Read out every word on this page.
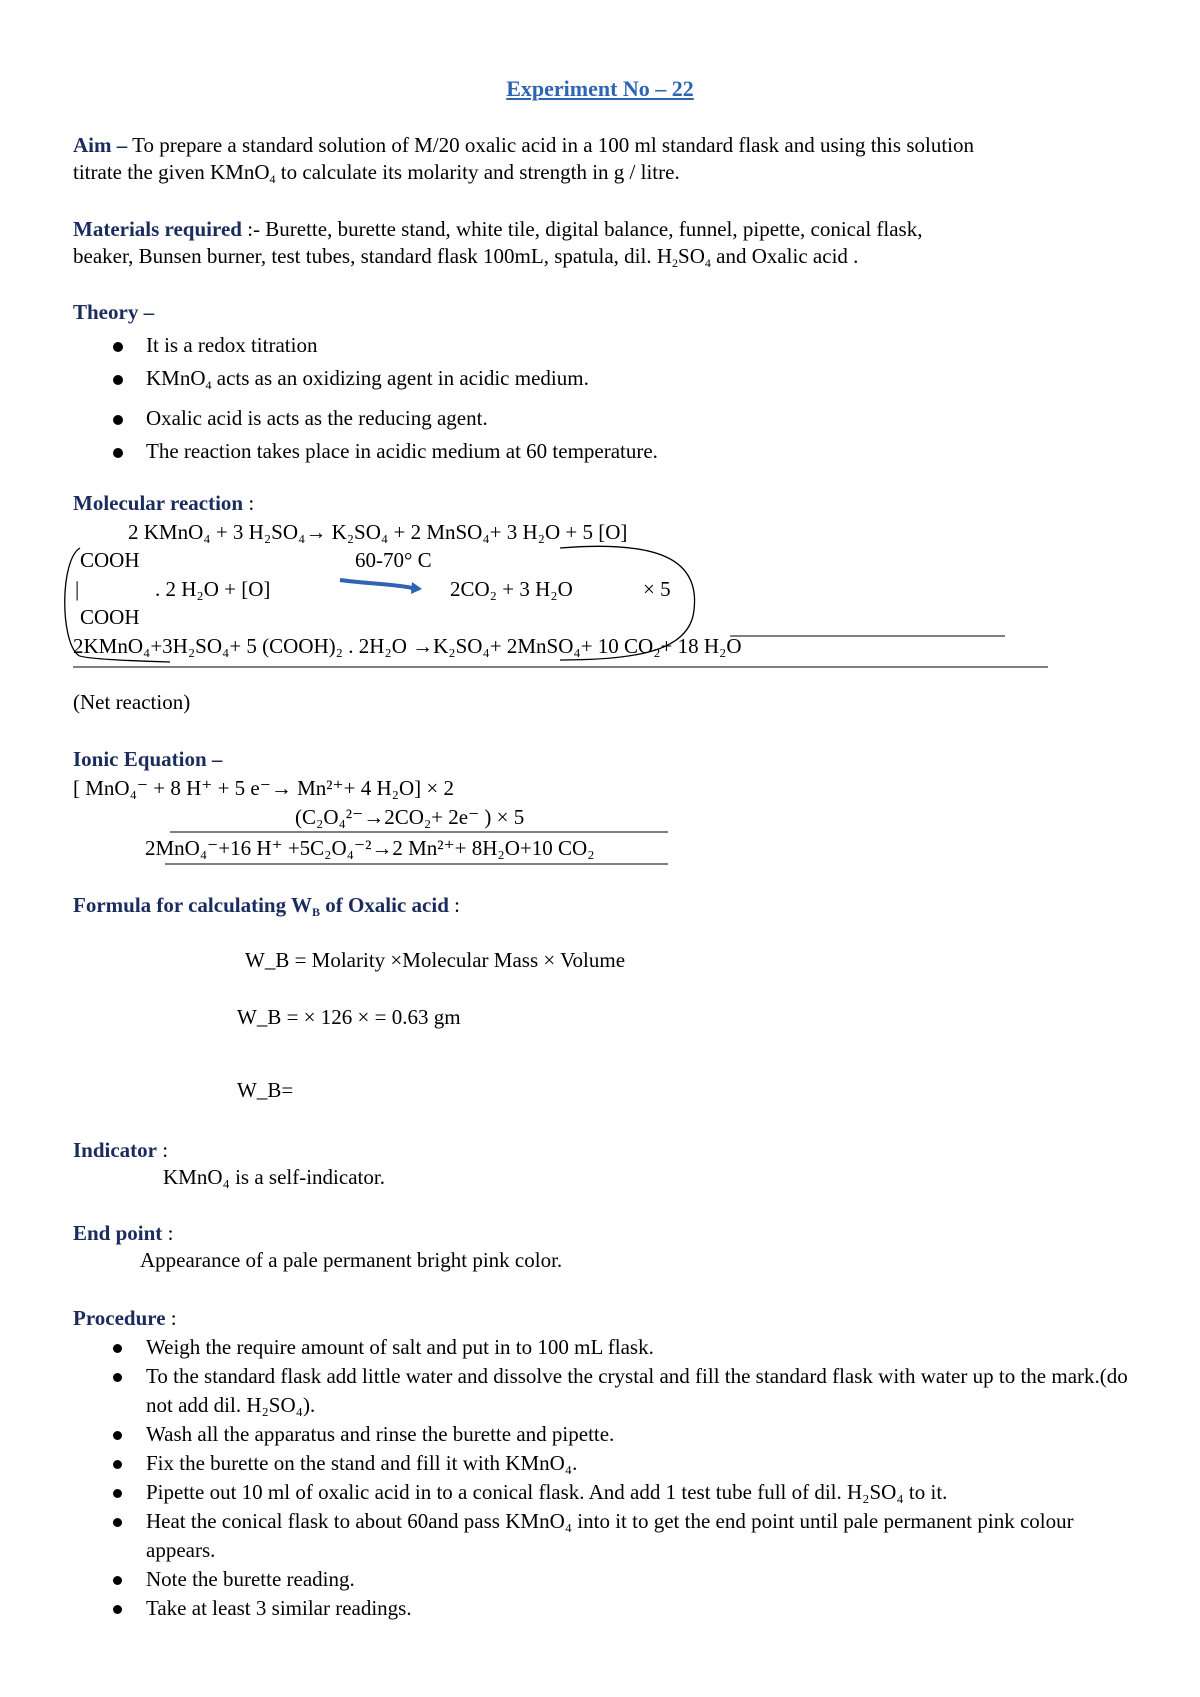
Experiment No – 22
Aim – To prepare a standard solution of M/20 oxalic acid in a 100 ml standard flask and using this solution
titrate the given KMnO$_4$ to calculate its molarity and strength in g / litre.
Materials required :- Burette, burette stand, white tile, digital balance, funnel, pipette, conical flask,
beaker, Bunsen burner, test tubes, standard flask 100mL, spatula, dil. $H_2SO_4$ and Oxalic acid .
Theory –
It is a redox titration
KMnO$_4$ acts as an oxidizing agent in acidic medium.
Oxalic acid is acts as the reducing agent.
The reaction takes place in acidic medium at 60 temperature.
Molecular reaction :
2 KMnO₄ + 3 H₂SO₄→ K₂SO₄ + 2 MnSO₄+ 3 H₂O + 5 [O]
COOH	60-70° C
|	. 2 H₂O + [O]	2CO₂ + 3 H₂O	× 5
COOH
2KMnO₄+3H₂SO₄+ 5 (COOH)₂ . 2H₂O →K₂SO₄+ 2MnSO₄+ 10 CO₂+ 18 H₂O
(Net reaction)
Ionic Equation –
[ MnO₄⁻ + 8 H⁺ + 5 e⁻→ Mn²⁺+ 4 H₂O] × 2
(C₂O₄²⁻→2CO₂+ 2e⁻ ) × 5
2MnO₄⁻+16 H⁺ +5C₂O₄⁻²→2 Mn²⁺+ 8H₂O+10 CO₂
Formula for calculating $W_B$ of Oxalic acid :
W_B = Molarity ×Molecular Mass × Volume
W_B = × 126 × = 0.63 gm
W_B=
Indicator :
KMnO₄ is a self-indicator.
End point :
Appearance of a pale permanent bright pink color.
Procedure :
Weigh the require amount of salt and put in to 100 mL flask.
To the standard flask add little water and dissolve the crystal and fill the standard flask with water up to the mark.(do not add dil. H₂SO₄).
Wash all the apparatus and rinse the burette and pipette.
Fix the burette on the stand and fill it with KMnO₄.
Pipette out 10 ml of oxalic acid in to a conical flask. And add 1 test tube full of dil. H₂SO₄ to it.
Heat the conical flask to about 60and pass KMnO₄ into it to get the end point until pale permanent pink colour appears.
Note the burette reading.
Take at least 3 similar readings.
